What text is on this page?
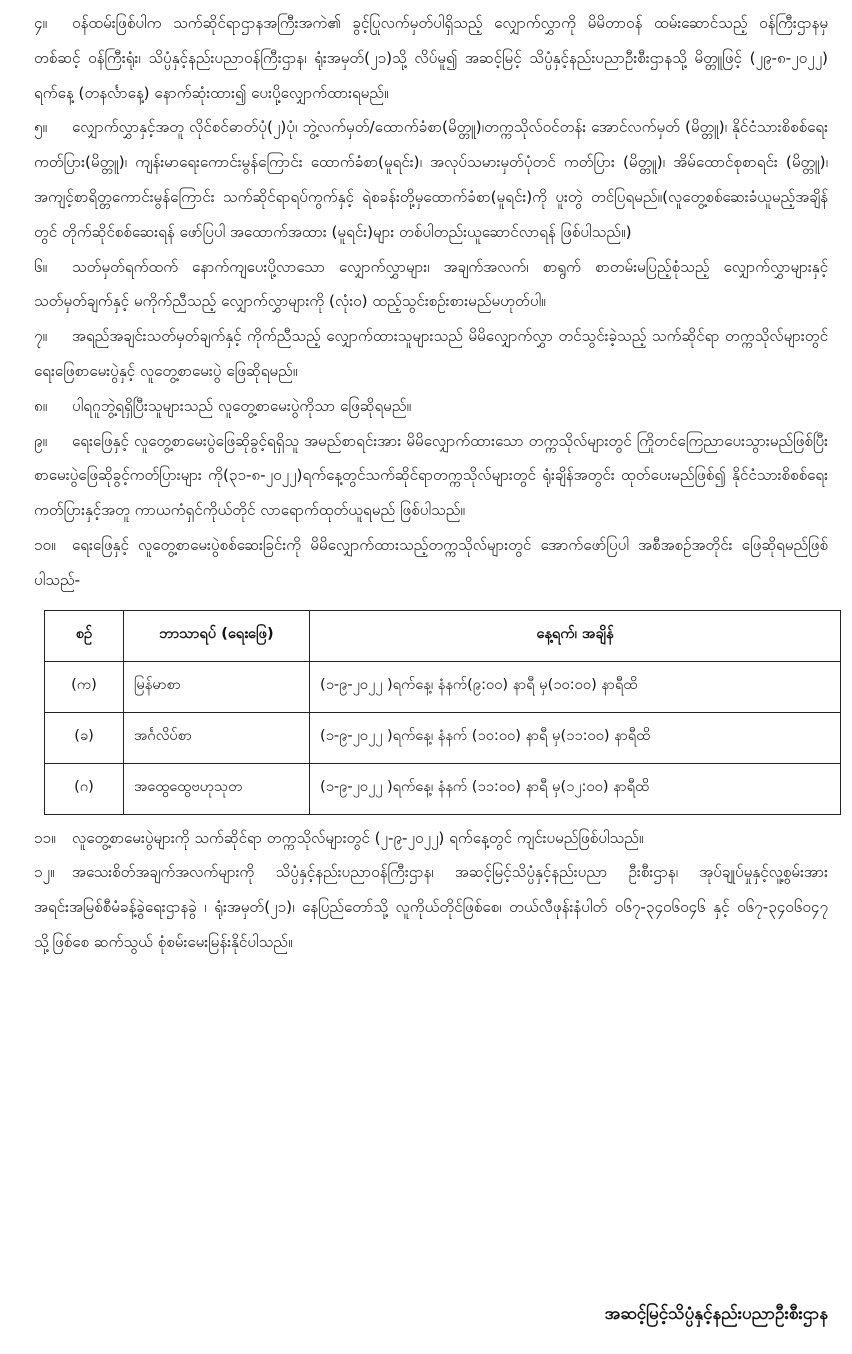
၄။ ဝန်ထမ်းဖြစ်ပါက သက်ဆိုင်ရာဌာနအကြီးအကဲ၏ ခွင့်ပြုလက်မှတ်ပါရှိသည့် လျှောက်လွှာကို မိမိတာဝန် ထမ်းဆောင်သည့် ဝန်ကြီးဌာနမှတစ်ဆင့် ဝန်ကြီးရုံး၊ သိပ္ပံနှင့်နည်းပညာဝန်ကြီးဌာန၊ ရုံးအမှတ်(၂၁)သို့ လိပ်မူ၍ အဆင့်မြင့် သိပ္ပံနှင့်နည်းပညာဦးစီးဌာနသို့ မိတ္တူဖြင့် (၂၉-၈-၂၀၂၂) ရက်နေ့ (တနင်္လာနေ့) နောက်ဆုံးထား၍ ပေးပို့လျှောက်ထားရမည်။

၅။ လျှောက်လွှာနှင့်အတူ လိုင်စင်ဓာတ်ပုံ(၂)ပုံ၊ ဘွဲ့လက်မှတ်/ထောက်ခံစာ(မိတ္တူ)၊တက္ကသိုလ်ဝင်တန်း အောင်လက်မှတ် (မိတ္တူ)၊ နိုင်ငံသားစိစစ်ရေးကတ်ပြား(မိတ္တူ)၊ ကျန်းမာရေးကောင်းမွန်ကြောင်း ထောက်ခံစာ(မူရင်း)၊ အလုပ်သမားမှတ်ပုံတင် ကတ်ပြား (မိတ္တူ)၊ အိမ်ထောင်စုစာရင်း (မိတ္တူ)၊ အကျင့်စာရိတ္တကောင်းမွန်ကြောင်း သက်ဆိုင်ရာရပ်ကွက်နှင့် ရဲစခန်းတို့မှထောက်ခံစာ(မူရင်း)ကို ပူးတွဲ တင်ပြရမည်။(လူတွေ့စစ်ဆေးခံယူမည့်အချိန်တွင် တိုက်ဆိုင်စစ်ဆေးရန် ဖော်ပြပါ အထောက်အထား (မူရင်း)များ တစ်ပါတည်းယူဆောင်လာရန် ဖြစ်ပါသည်။)

၆။ သတ်မှတ်ရက်ထက် နောက်ကျပေးပို့လာသော လျှောက်လွှာများ၊ အချက်အလက်၊ စာရွက် စာတမ်းမပြည့်စုံသည့် လျှောက်လွှာများနှင့် သတ်မှတ်ချက်နှင့် မကိုက်ညီသည့် လျှောက်လွှာများကို (လုံးဝ) ထည့်သွင်းစဉ်းစားမည်မဟုတ်ပါ။

၇။ အရည်အချင်းသတ်မှတ်ချက်နှင့် ကိုက်ညီသည့် လျှောက်ထားသူများသည် မိမိလျှောက်လွှာ တင်သွင်းခဲ့သည့် သက်ဆိုင်ရာ တက္ကသိုလ်များတွင် ရေးဖြေစာမေးပွဲနှင့် လူတွေ့စာမေးပွဲ ဖြေဆိုရမည်။

၈။ ပါရဂူဘွဲ့ရရှိပြီးသူများသည် လူတွေ့စာမေးပွဲကိုသာ ဖြေဆိုရမည်။

၉။ ရေးဖြေနှင့် လူတွေ့စာမေးပွဲဖြေဆိုခွင့်ရရှိသူ အမည်စာရင်းအား မိမိလျှောက်ထားသော တက္ကသိုလ်များတွင် ကြိုတင်ကြေညာပေးသွားမည်ဖြစ်ပြီး စာမေးပွဲဖြေဆိုခွင့်ကတ်ပြားများ ကို(၃၁-၈-၂၀၂၂)ရက်နေ့တွင်သက်ဆိုင်ရာတက္ကသိုလ်များတွင် ရုံးချိန်အတွင်း ထုတ်ပေးမည်ဖြစ်၍ နိုင်ငံသားစိစစ်ရေးကတ်ပြားနှင့်အတူ ကာယကံရှင်ကိုယ်တိုင် လာရောက်ထုတ်ယူရမည် ဖြစ်ပါသည်။

၁၀။ ရေးဖြေနှင့် လူတွေ့စာမေးပွဲစစ်ဆေးခြင်းကို မိမိလျှောက်ထားသည့်တက္ကသိုလ်များတွင် အောက်ဖော်ပြပါ အစီအစဉ်အတိုင်း ဖြေဆိုရမည်ဖြစ်ပါသည်-

စဉ်	ဘာသာရပ် (ရေးဖြေ)	နေ့ရက်၊ အချိန်
(က)	မြန်မာစာ	(၁-၉-၂၀၂၂ )ရက်နေ့၊ နံနက်(၉:၀၀) နာရီ မှ(၁၀:၀၀) နာရီထိ
(ခ)	အင်္ဂလိပ်စာ	(၁-၉-၂၀၂၂ )ရက်နေ့၊ နံနက် (၁၀:၀၀) နာရီ မှ(၁၁:၀၀) နာရီထိ
(ဂ)	အထွေထွေဗဟုသုတ	(၁-၉-၂၀၂၂ )ရက်နေ့၊ နံနက် (၁၁:၀၀) နာရီ မှ(၁၂:၀၀) နာရီထိ

၁၁။ လူတွေ့စာမေးပွဲများကို သက်ဆိုင်ရာ တက္ကသိုလ်များတွင် (၂-၉-၂၀၂၂) ရက်နေ့တွင် ကျင်းပမည်ဖြစ်ပါသည်။

၁၂။ အသေးစိတ်အချက်အလက်များကို သိပ္ပံနှင့်နည်းပညာဝန်ကြီးဌာန၊ အဆင့်မြင့်သိပ္ပံနှင့်နည်းပညာ ဦးစီးဌာန၊ အုပ်ချုပ်မှုနှင့်လူ့စွမ်းအားအရင်းအမြစ်စီမံခန့်ခွဲရေးဌာနခွဲ ၊ ရုံးအမှတ်(၂၁)၊ နေပြည်တော်သို့ လူကိုယ်တိုင်ဖြစ်စေ၊ တယ်လီဖုန်းနံပါတ် ၀၆၇-၃၄၀၆၀၄၆ နှင့် ၀၆၇-၃၄၀၆၀၄၇ သို့ဖြစ်စေ ဆက်သွယ် စုံစမ်းမေးမြန်းနိုင်ပါသည်။

အဆင့်မြင့်သိပ္ပံနှင့်နည်းပညာဦးစီးဌာန
